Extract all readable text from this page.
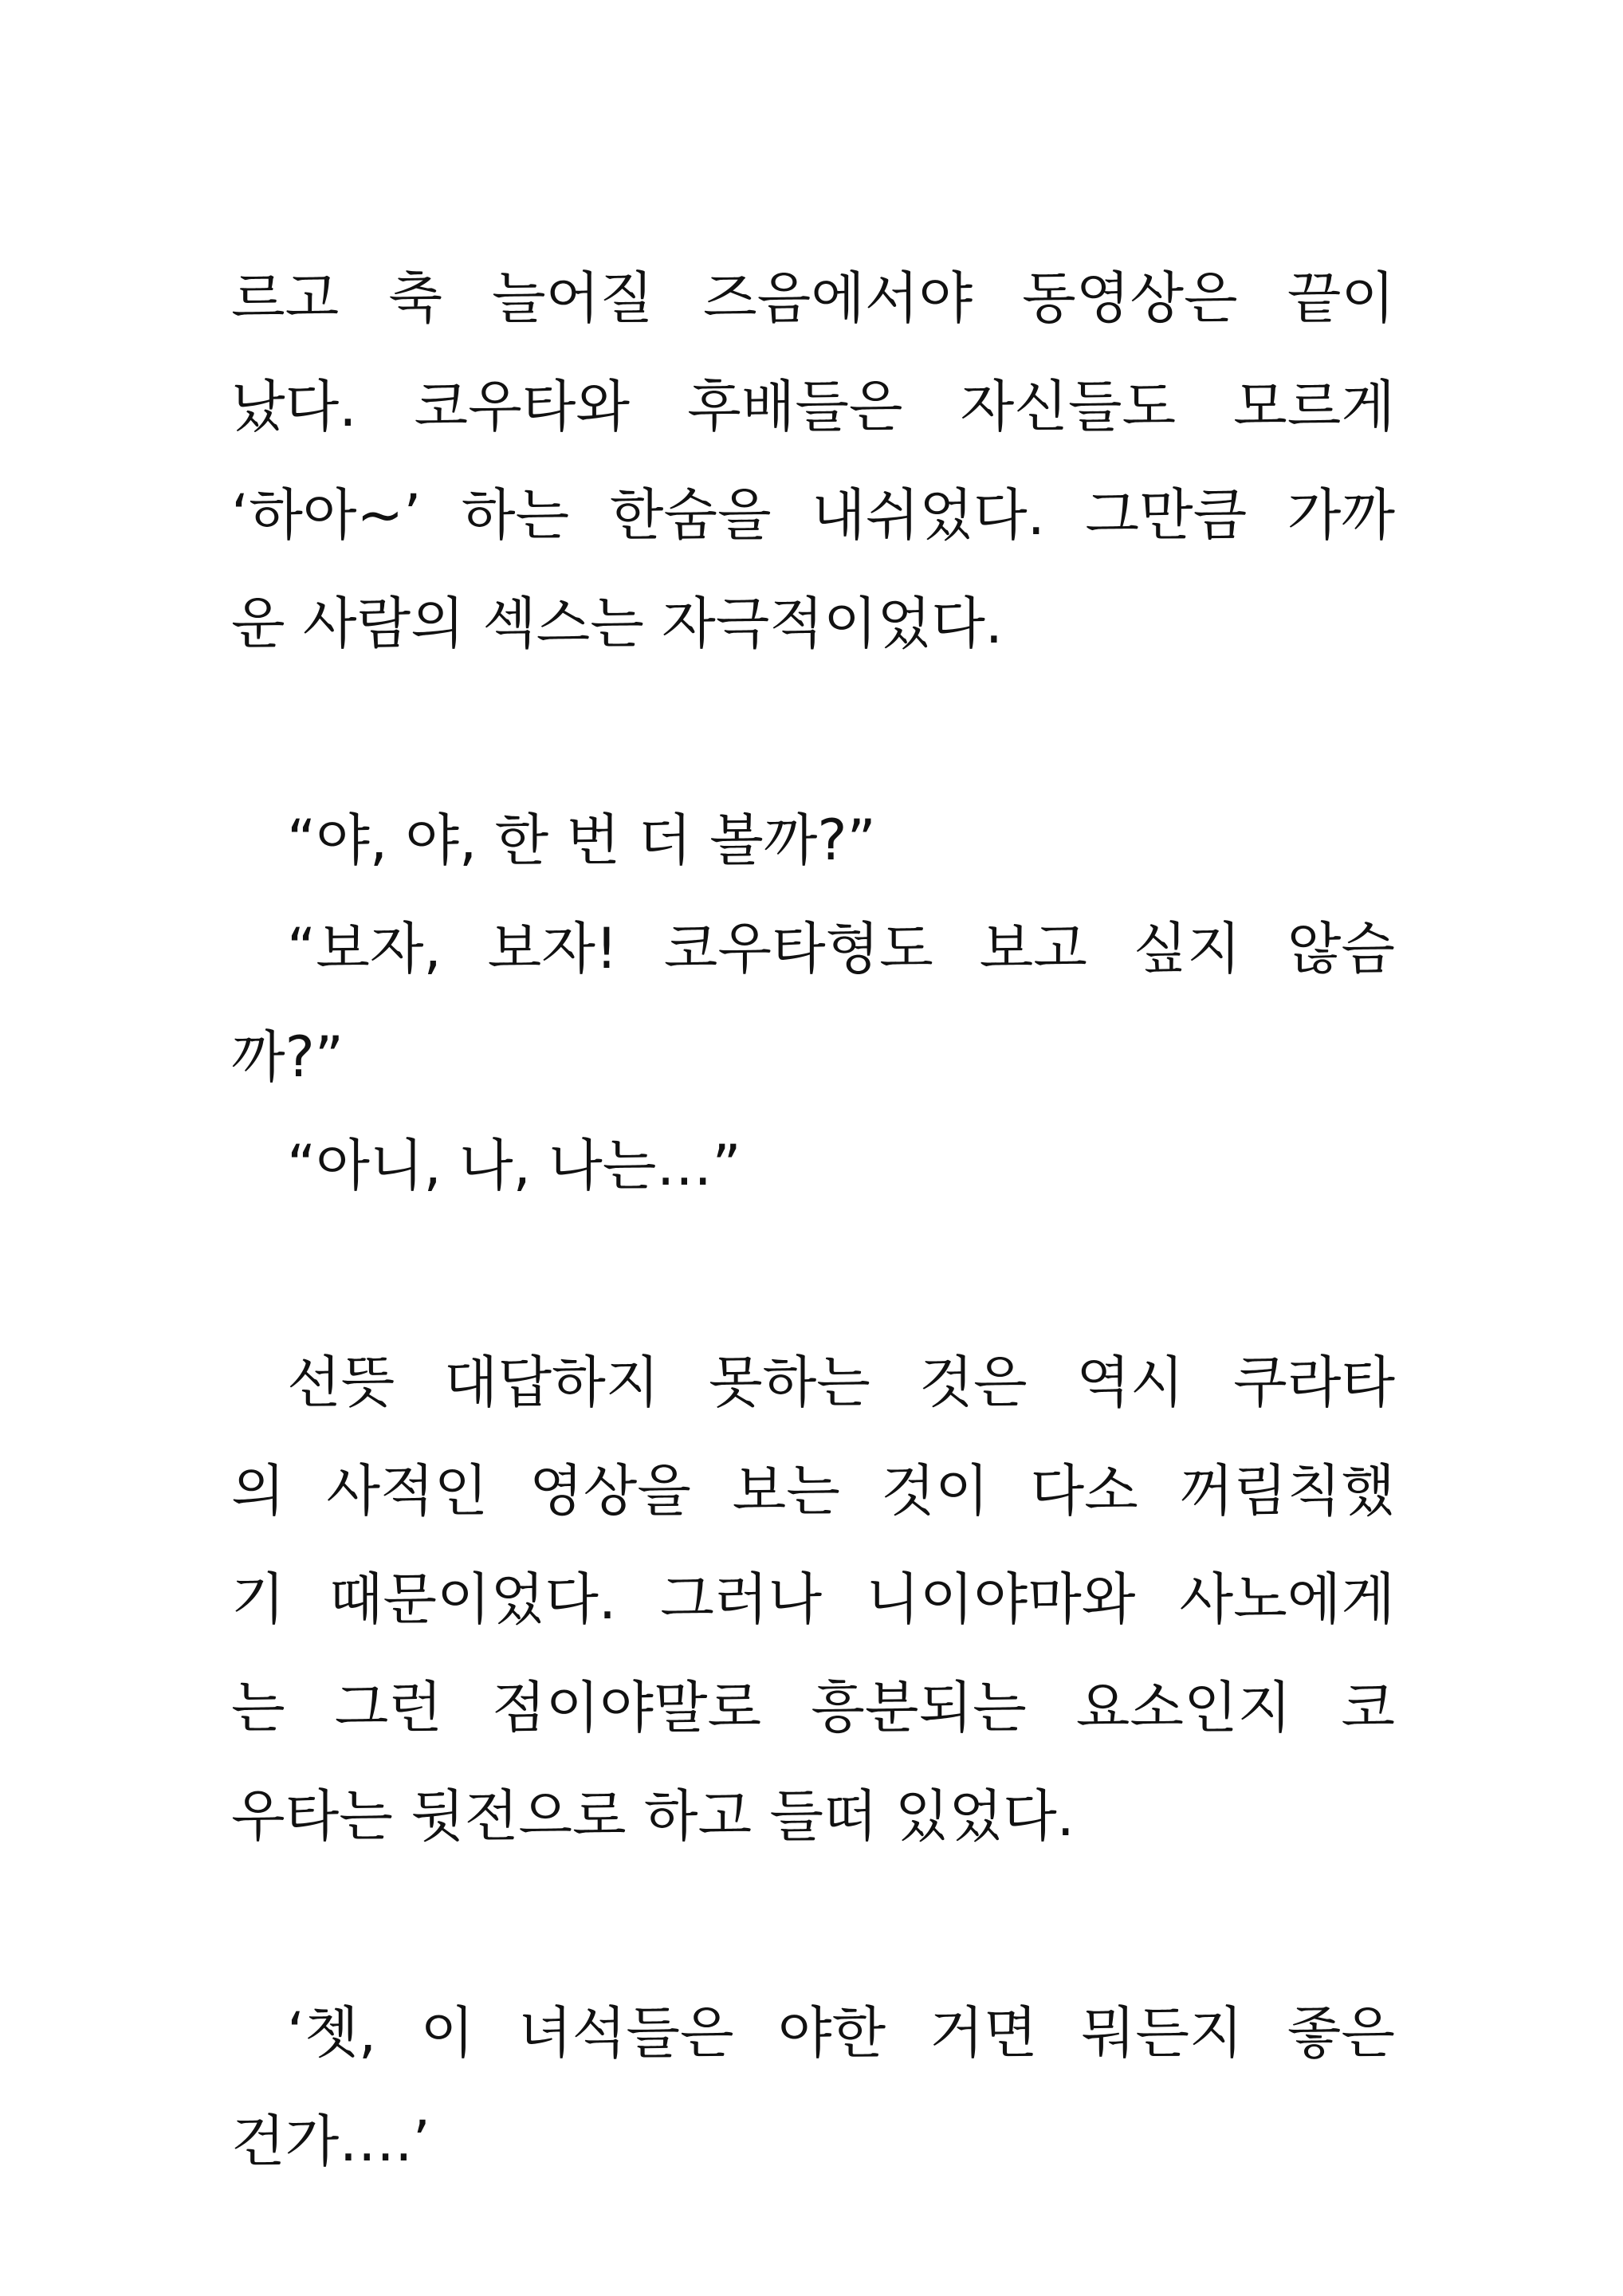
르고 축 늘어질 즈음에서야 동영상은 끝이
났다. 코우타와 후배들은 자신들도 모르게
‘하아~’ 하는 한숨을 내쉬었다. 그만큼 가까
운 사람의 섹스는 자극적이었다.
“야, 야, 한 번 더 볼까?”
“보자, 보자! 코우타형도 보고 싶지 않슴
까?”
“아니, 나, 나는…”
선뜻 대답하지 못하는 것은 역시 쿠라타
의 사적인 영상을 보는 것이 다소 꺼림칙했
기 때문이었다. 그러나 니이야마와 사노에게
는 그런 점이야말로 흥분되는 요소인지 코
우타는 뒷전으로 하고 들떠 있었다.
‘쳇, 이 녀석들은 야한 거면 뭐든지 좋은
건가….’
